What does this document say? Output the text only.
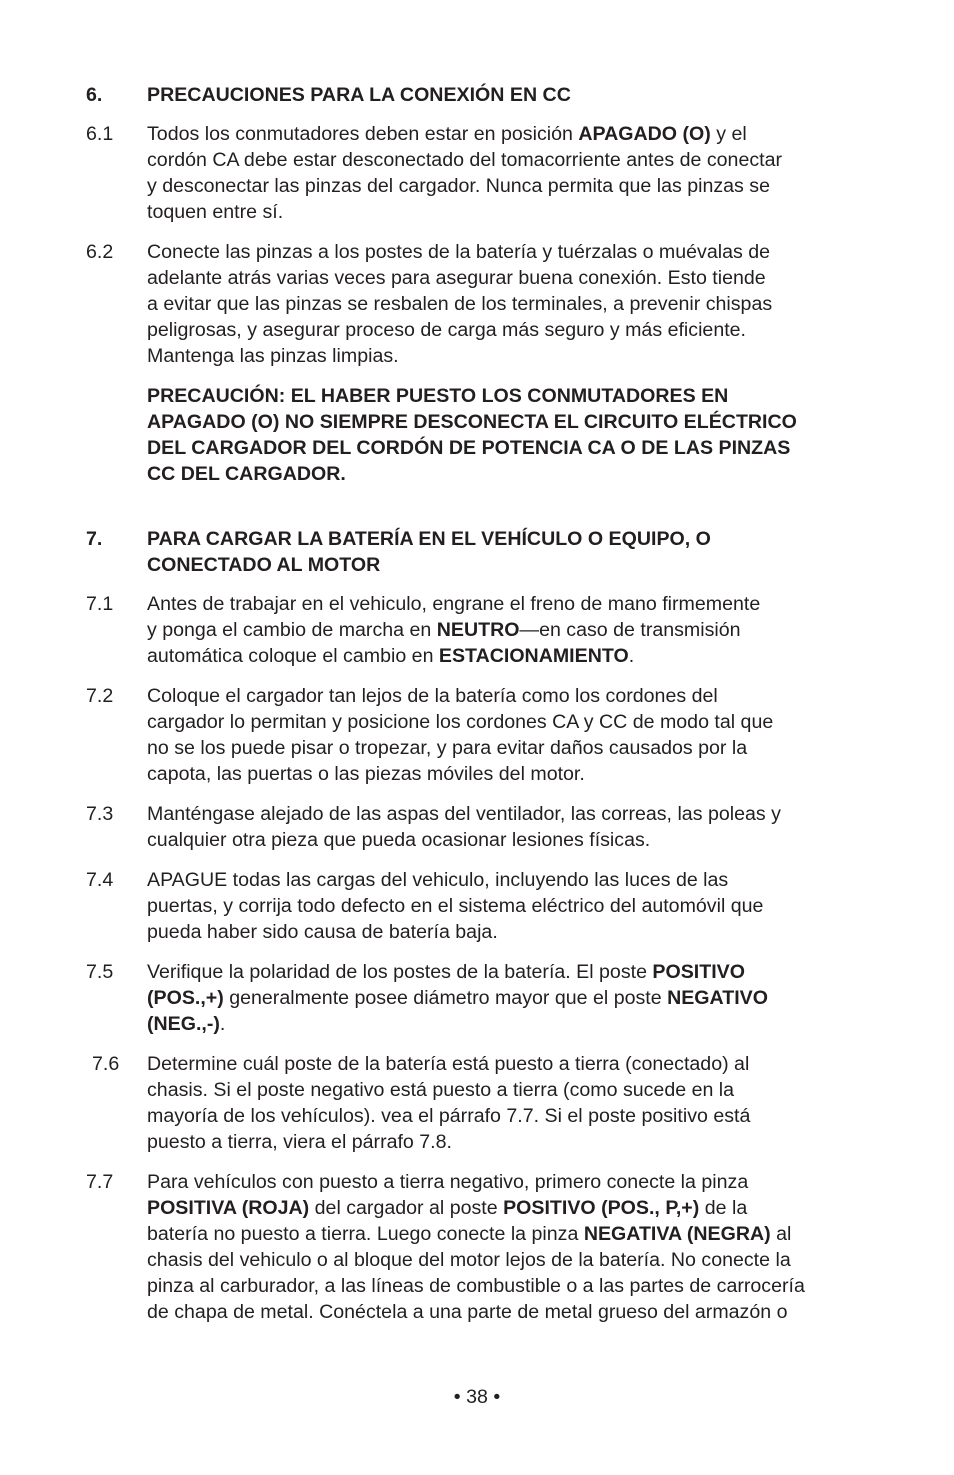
6. PRECAUCIONES PARA LA CONEXIÓN EN CC
6.1 Todos los conmutadores deben estar en posición APAGADO (O) y el
cordón CA debe estar desconectado del tomacorriente antes de conectar
y desconectar las pinzas del cargador. Nunca permita que las pinzas se
toquen entre sí.
6.2 Conecte las pinzas a los postes de la batería y tuérzalas o muévalas de
adelante atrás varias veces para asegurar buena conexión. Esto tiende
a evitar que las pinzas se resbalen de los terminales, a prevenir chispas
peligrosas, y asegurar proceso de carga más seguro y más eficiente.
Mantenga las pinzas limpias.
PRECAUCIÓN: EL HABER PUESTO LOS CONMUTADORES EN
APAGADO (O) NO SIEMPRE DESCONECTA EL CIRCUITO ELÉCTRICO
DEL CARGADOR DEL CORDÓN DE POTENCIA CA O DE LAS PINZAS
CC DEL CARGADOR.
7. PARA CARGAR LA BATERÍA EN EL VEHÍCULO O EQUIPO, O
CONECTADO AL MOTOR
7.1 Antes de trabajar en el vehiculo, engrane el freno de mano firmemente
y ponga el cambio de marcha en NEUTRO—en caso de transmisión
automática coloque el cambio en ESTACIONAMIENTO.
7.2 Coloque el cargador tan lejos de la batería como los cordones del
cargador lo permitan y posicione los cordones CA y CC de modo tal que
no se los puede pisar o tropezar, y para evitar daños causados por la
capota, las puertas o las piezas móviles del motor.
7.3 Manténgase alejado de las aspas del ventilador, las correas, las poleas y
cualquier otra pieza que pueda ocasionar lesiones físicas.
7.4 APAGUE todas las cargas del vehiculo, incluyendo las luces de las
puertas, y corrija todo defecto en el sistema eléctrico del automóvil que
pueda haber sido causa de batería baja.
7.5 Verifique la polaridad de los postes de la batería. El poste POSITIVO
(POS.,+) generalmente posee diámetro mayor que el poste NEGATIVO
(NEG.,-).
7.6 Determine cuál poste de la batería está puesto a tierra (conectado) al
chasis. Si el poste negativo está puesto a tierra (como sucede en la
mayoría de los vehículos). vea el párrafo 7.7. Si el poste positivo está
puesto a tierra, viera el párrafo 7.8.
7.7 Para vehículos con puesto a tierra negativo, primero conecte la pinza
POSITIVA (ROJA) del cargador al poste POSITIVO (POS., P,+) de la
batería no puesto a tierra. Luego conecte la pinza NEGATIVA (NEGRA) al
chasis del vehiculo o al bloque del motor lejos de la batería. No conecte la
pinza al carburador, a las líneas de combustible o a las partes de carrocería
de chapa de metal. Conéctela a una parte de metal grueso del armazón o
• 38 •
